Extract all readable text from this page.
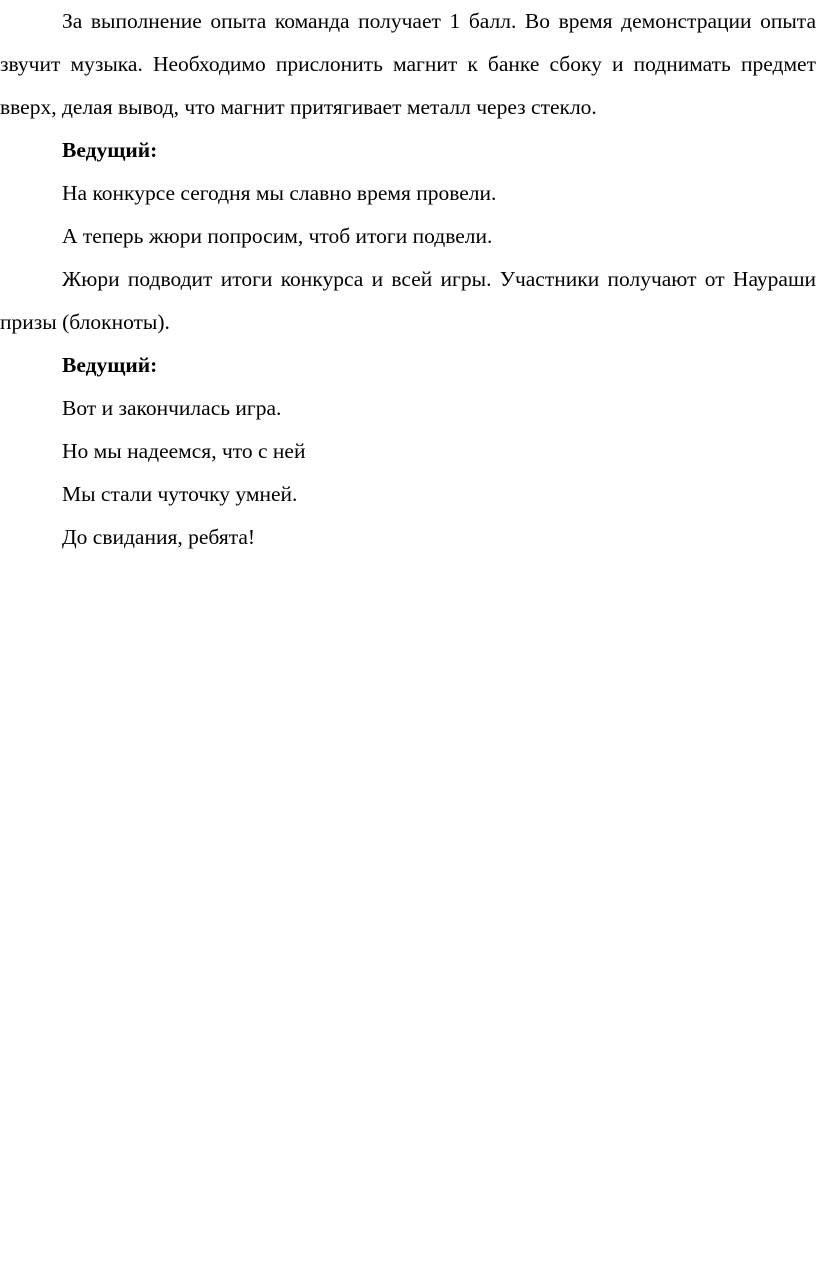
За выполнение опыта команда получает 1 балл. Во время демонстрации опыта звучит музыка. Необходимо прислонить магнит к банке сбоку и поднимать предмет вверх, делая вывод, что магнит притягивает металл через стекло.

Ведущий:

На конкурсе сегодня мы славно время провели.

А теперь жюри попросим, чтоб итоги подвели.

Жюри подводит итоги конкурса и всей игры. Участники получают от Науpаши призы (блокноты).

Ведущий:

Вот и закончилась игра.

Но мы надеемся, что с ней

Мы стали чуточку умней.

До свидания, ребята!
